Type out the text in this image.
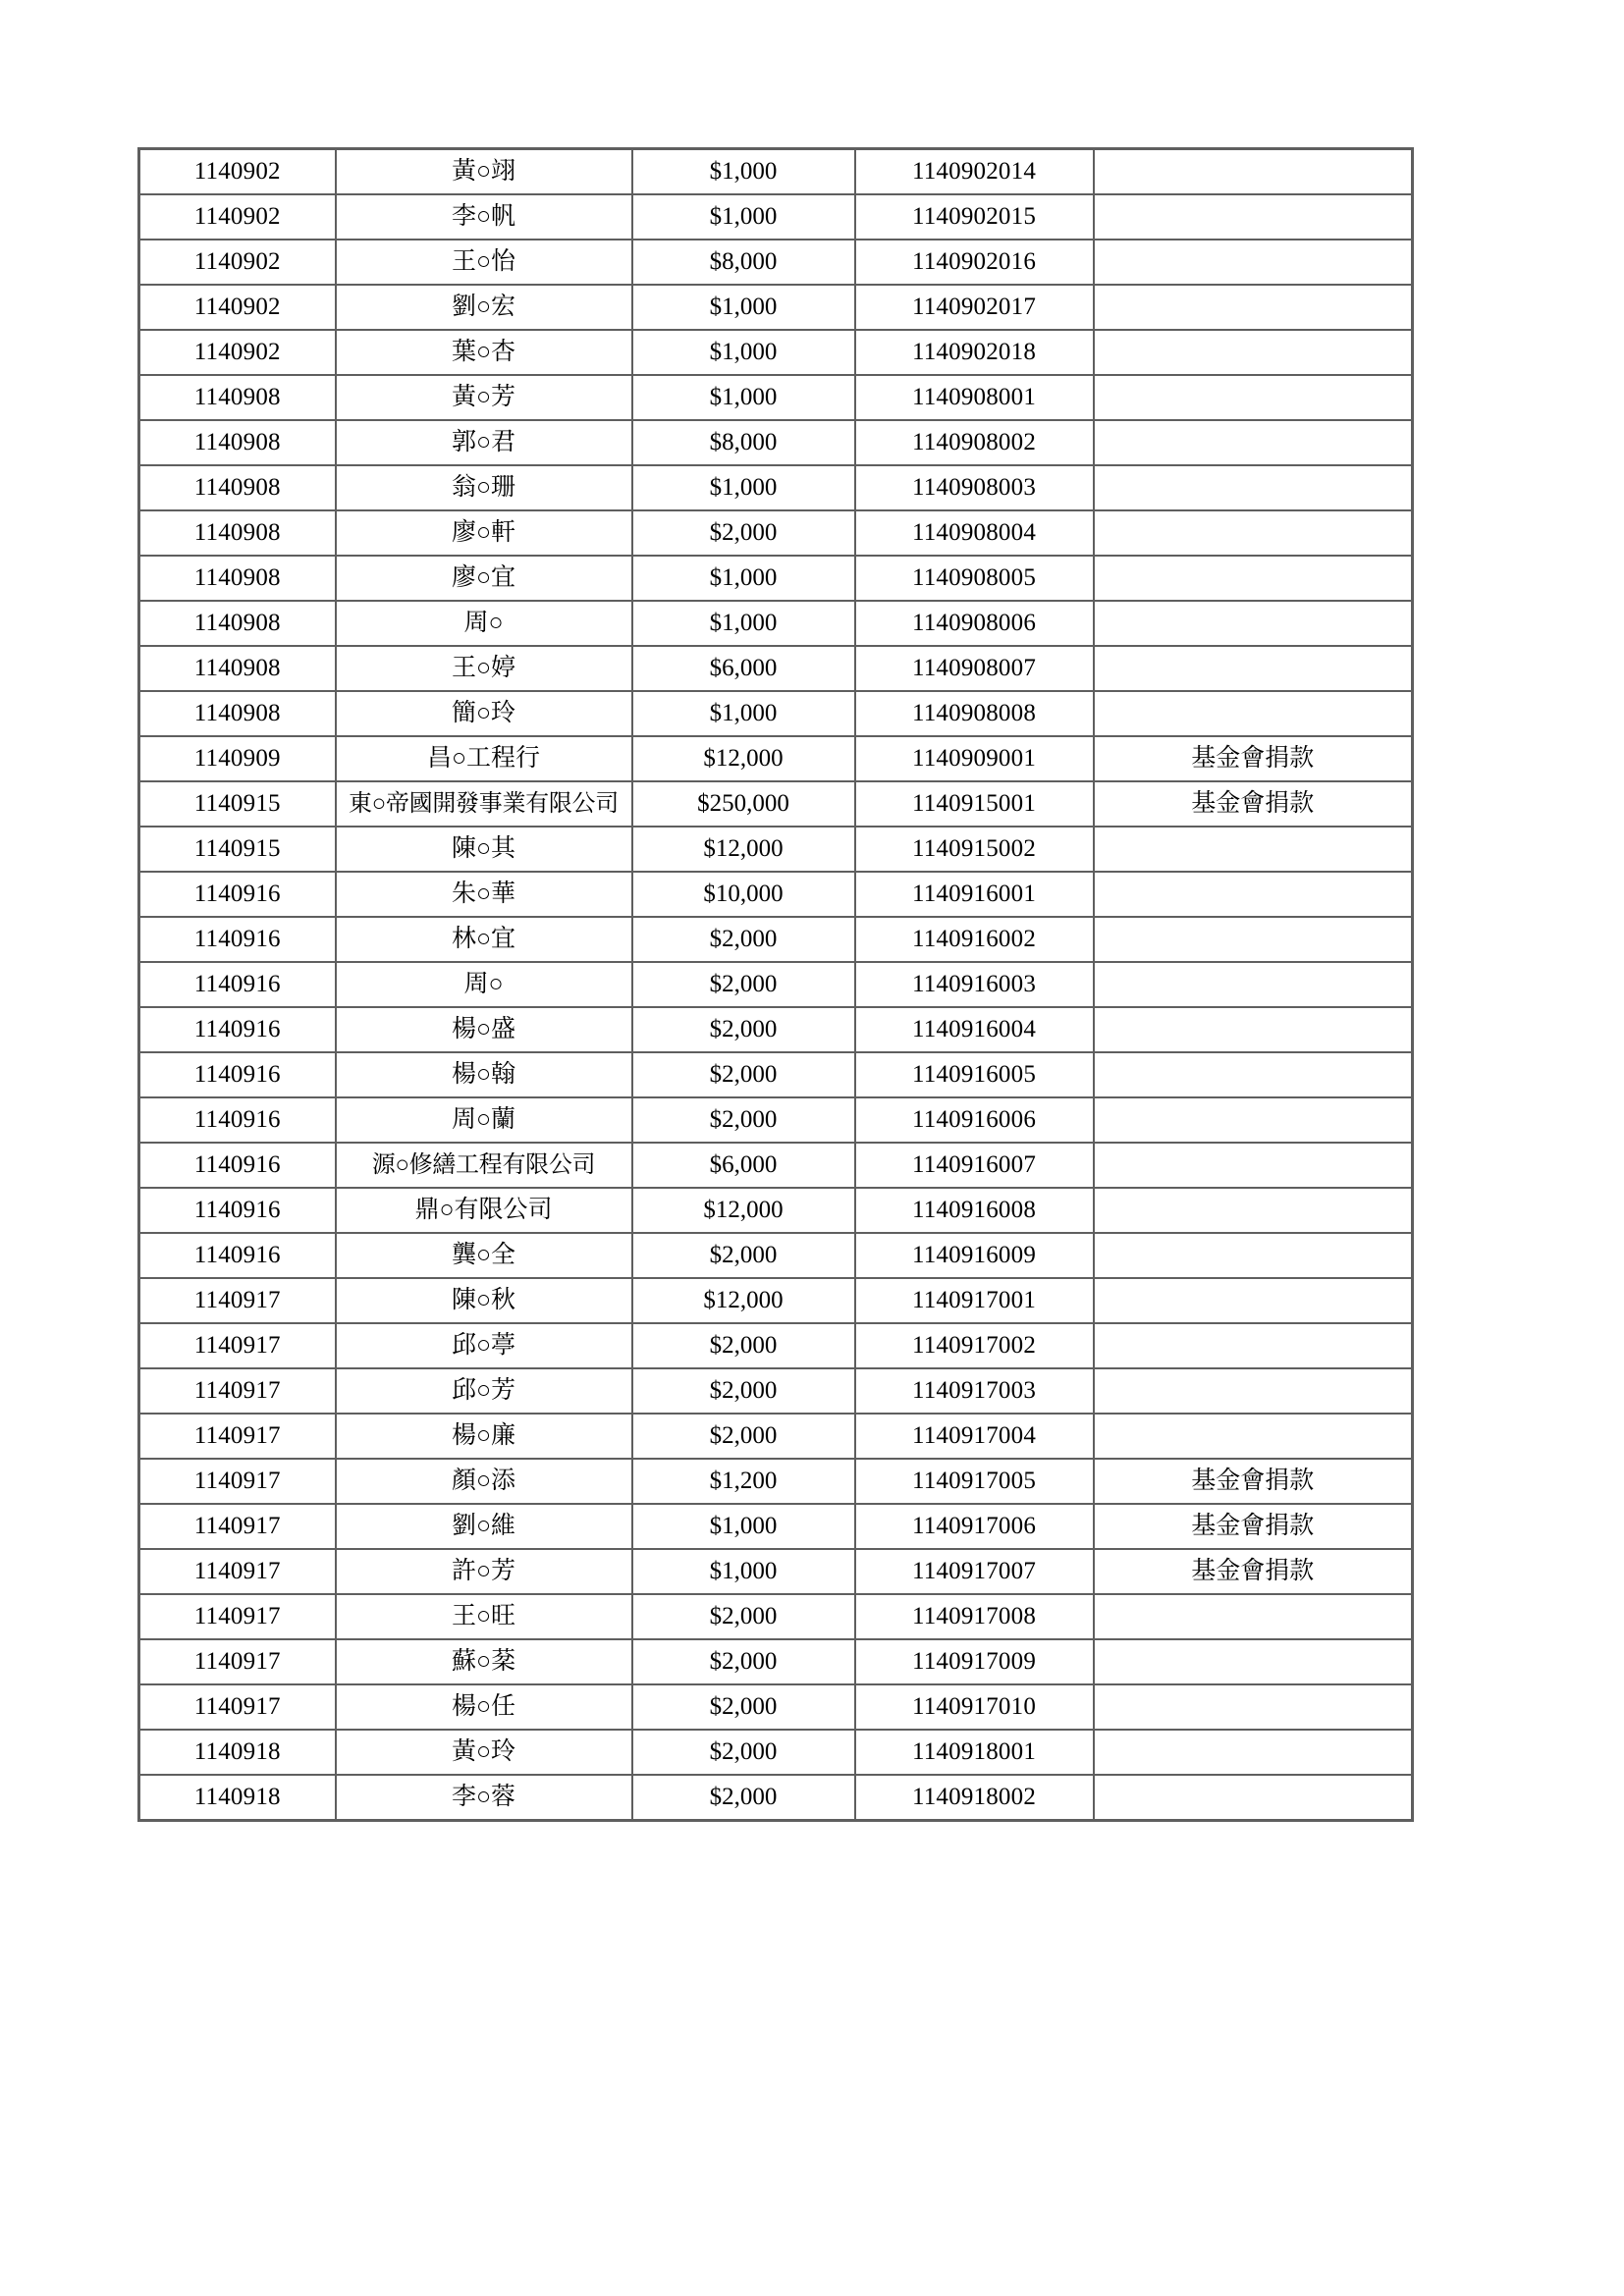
1140902	黃○翊	$1,000	1140902014	
1140902	李○帆	$1,000	1140902015	
1140902	王○怡	$8,000	1140902016	
1140902	劉○宏	$1,000	1140902017	
1140902	葉○杏	$1,000	1140902018	
1140908	黃○芳	$1,000	1140908001	
1140908	郭○君	$8,000	1140908002	
1140908	翁○珊	$1,000	1140908003	
1140908	廖○軒	$2,000	1140908004	
1140908	廖○宜	$1,000	1140908005	
1140908	周○	$1,000	1140908006	
1140908	王○婷	$6,000	1140908007	
1140908	簡○玲	$1,000	1140908008	
1140909	昌○工程行	$12,000	1140909001	基金會捐款
1140915	東○帝國開發事業有限公司	$250,000	1140915001	基金會捐款
1140915	陳○其	$12,000	1140915002	
1140916	朱○華	$10,000	1140916001	
1140916	林○宜	$2,000	1140916002	
1140916	周○	$2,000	1140916003	
1140916	楊○盛	$2,000	1140916004	
1140916	楊○翰	$2,000	1140916005	
1140916	周○蘭	$2,000	1140916006	
1140916	源○修繕工程有限公司	$6,000	1140916007	
1140916	鼎○有限公司	$12,000	1140916008	
1140916	龔○全	$2,000	1140916009	
1140917	陳○秋	$12,000	1140917001	
1140917	邱○葶	$2,000	1140917002	
1140917	邱○芳	$2,000	1140917003	
1140917	楊○廉	$2,000	1140917004	
1140917	顏○添	$1,200	1140917005	基金會捐款
1140917	劉○維	$1,000	1140917006	基金會捐款
1140917	許○芳	$1,000	1140917007	基金會捐款
1140917	王○旺	$2,000	1140917008	
1140917	蘇○棻	$2,000	1140917009	
1140917	楊○任	$2,000	1140917010	
1140918	黃○玲	$2,000	1140918001	
1140918	李○蓉	$2,000	1140918002	
